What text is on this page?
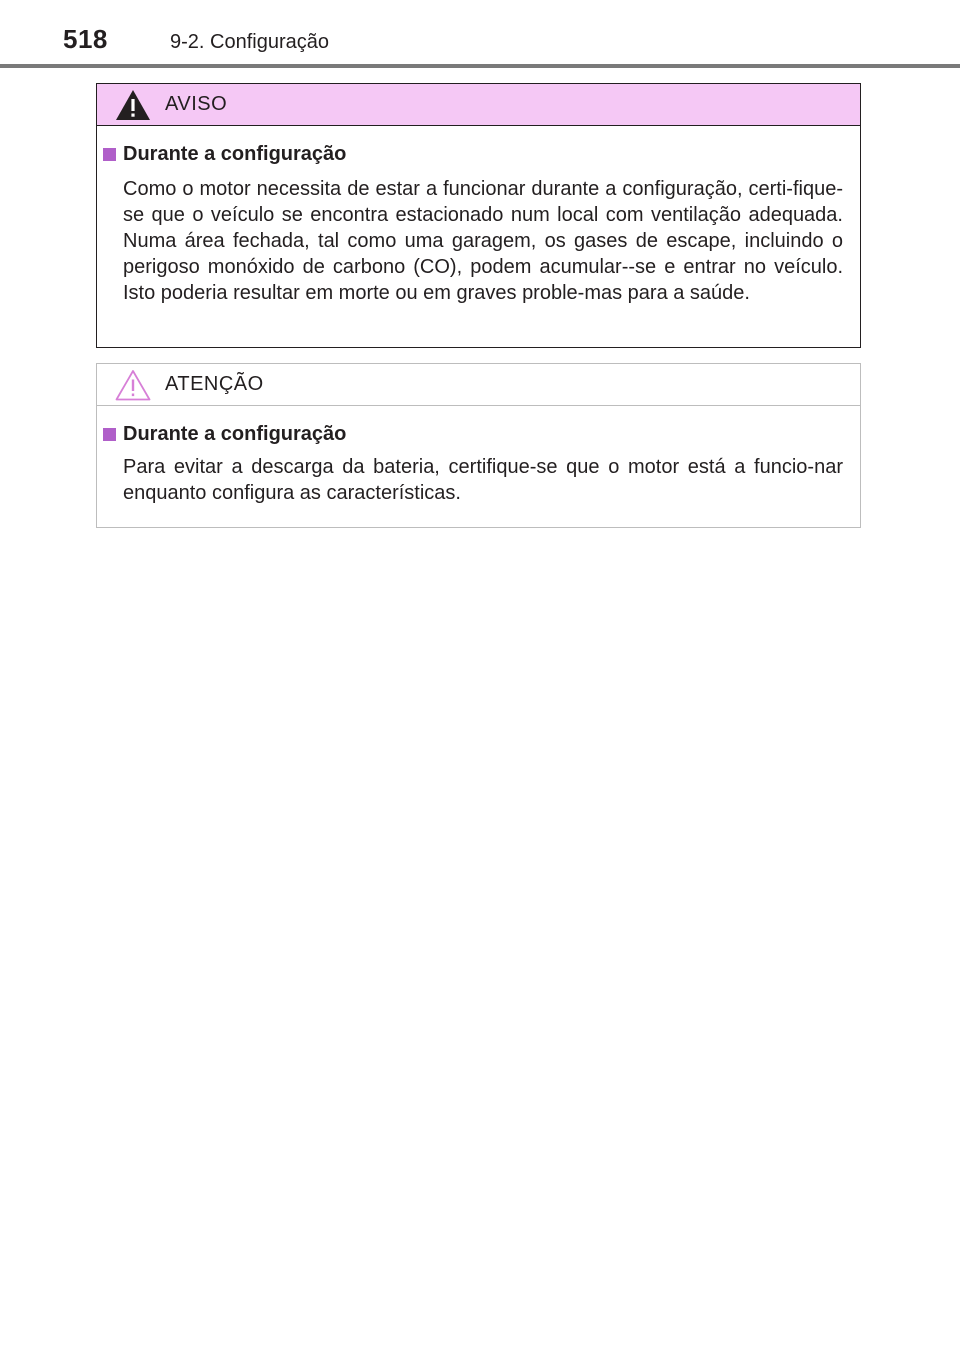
518	9-2. Configuração
AVISO
Durante a configuração

Como o motor necessita de estar a funcionar durante a configuração, certi-fique-se que o veículo se encontra estacionado num local com ventilação adequada. Numa área fechada, tal como uma garagem, os gases de escape, incluindo o perigoso monóxido de carbono (CO), podem acumular--se e entrar no veículo. Isto poderia resultar em morte ou em graves proble-mas para a saúde.

ATENÇÃO
Durante a configuração

Para evitar a descarga da bateria, certifique-se que o motor está a funcio-nar enquanto configura as características.
